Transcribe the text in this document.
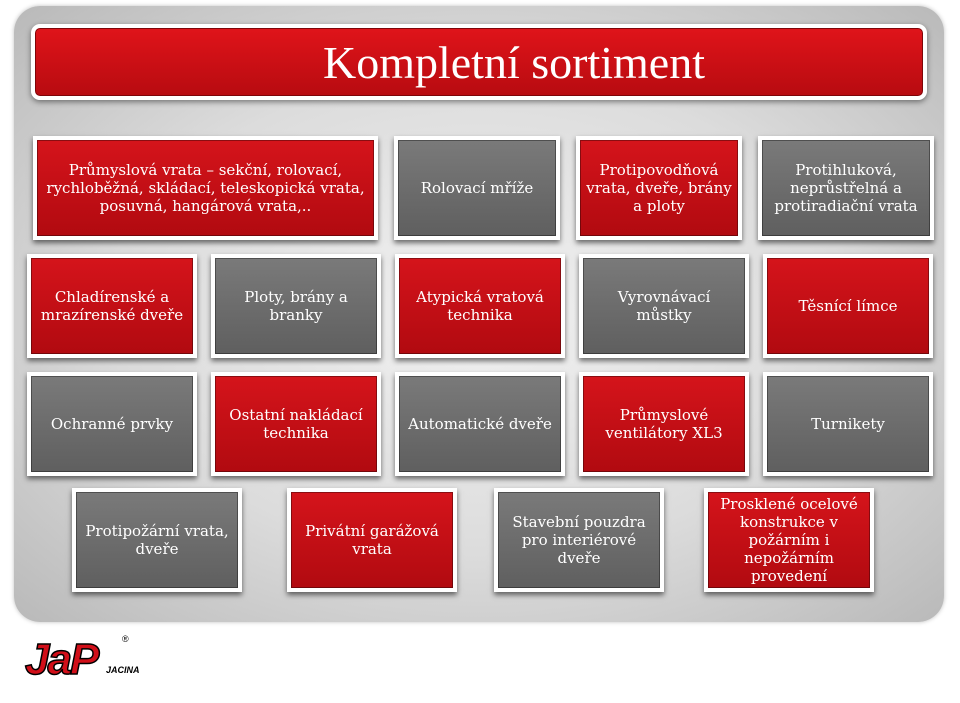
Kompletní sortiment
Průmyslová vrata – sekční, rolovací, rychloběžná, skládací, teleskopická vrata, posuvná, hangárová vrata,..
Rolovací mříže
Protipovodňová vrata, dveře, brány a ploty
Protihluková, neprůstřelná a protiradiační vrata
Chladírenské a mrazírenské dveře
Ploty, brány a branky
Atypická vratová technika
Vyrovnávací můstky	Těsnící límce
Ochranné prvky	Ostatní nakládací technika	Automatické dveře	Průmyslové ventilátory XL3	Turnikety
Protipožární vrata, dveře
Privátní garážová vrata
Stavební pouzdra pro interiérové dveře
Prosklené ocelové konstrukce v požárním i nepožárním provedení
JaP	®
JACINA
